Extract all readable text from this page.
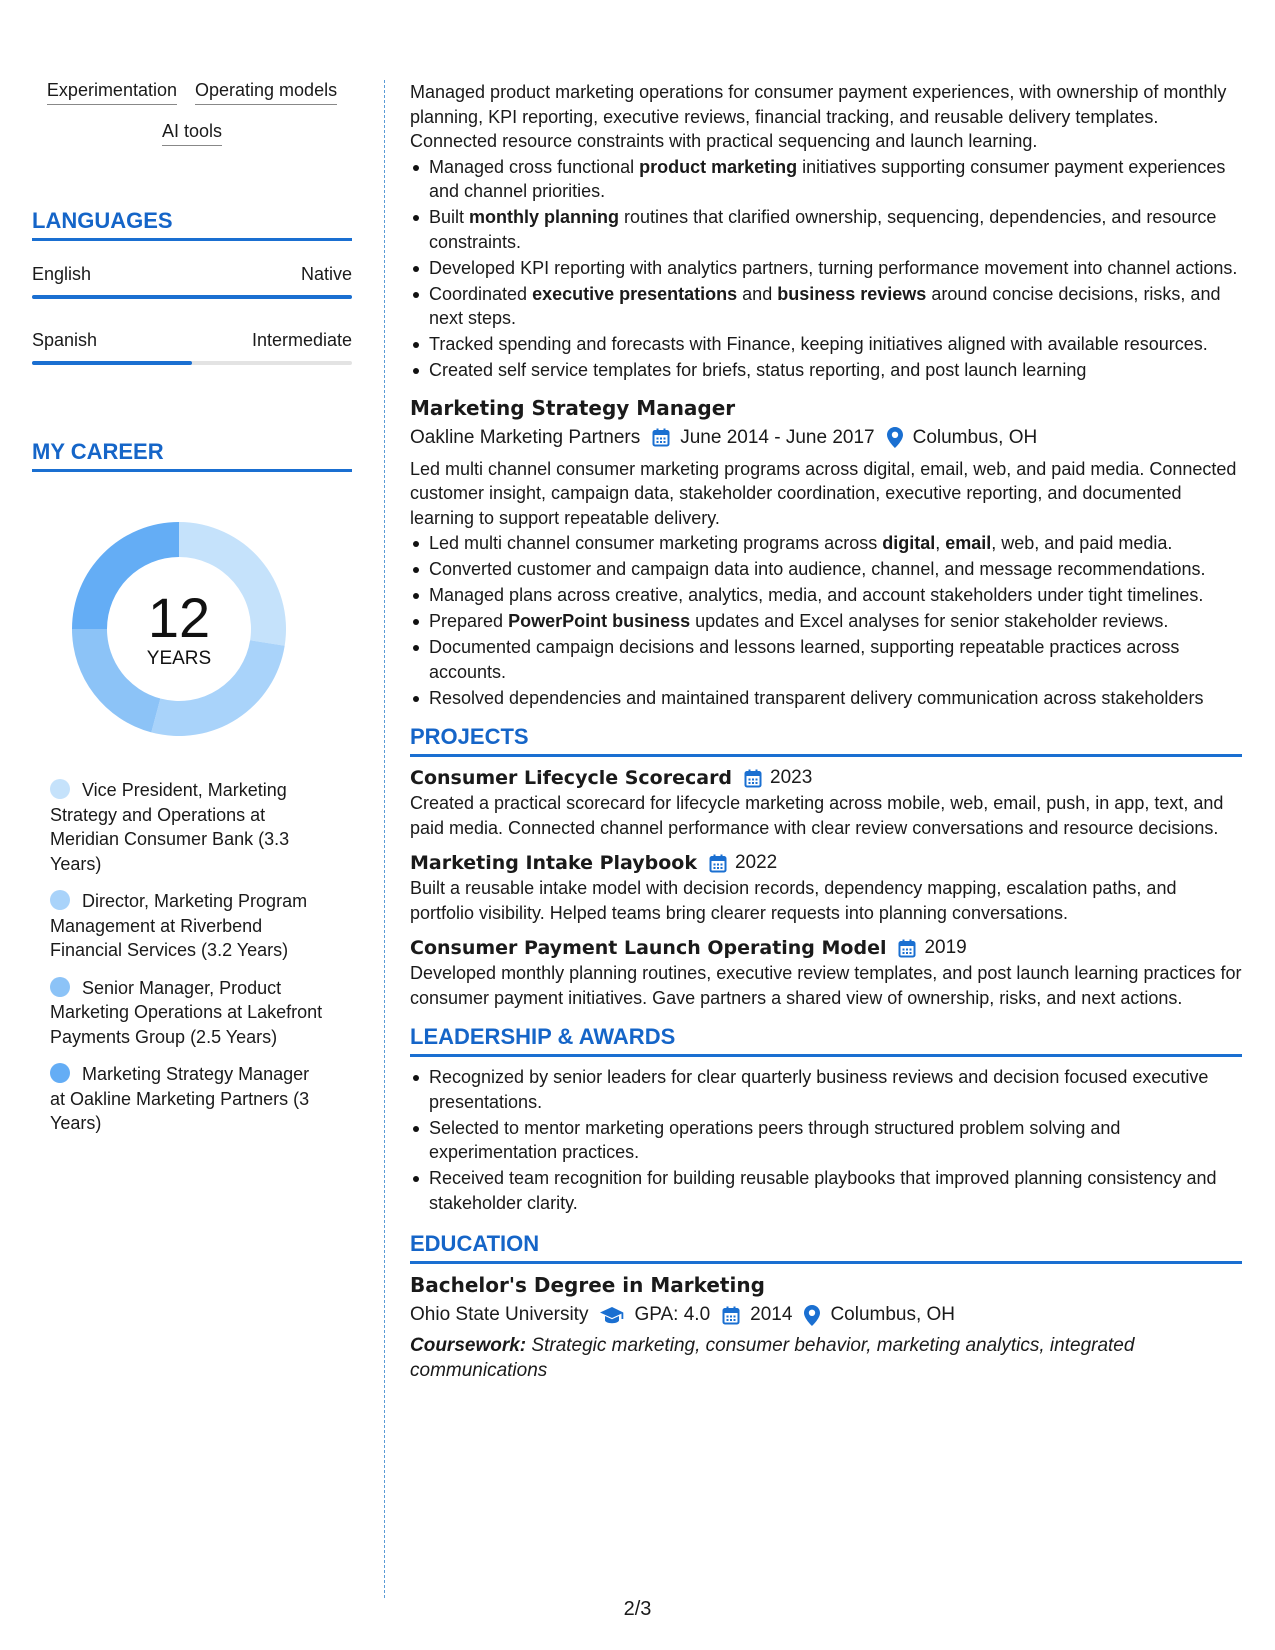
Experimentation Operating models
AI tools
LANGUAGES
English	Native
Spanish	Intermediate
MY CAREER
12
YEARS
Vice President, Marketing Strategy and Operations at Meridian Consumer Bank (3.3 Years)
Director, Marketing Program Management at Riverbend Financial Services (3.2 Years)
Senior Manager, Product Marketing Operations at Lakefront Payments Group (2.5 Years)
Marketing Strategy Manager at Oakline Marketing Partners (3 Years)

Managed product marketing operations for consumer payment experiences, with ownership of monthly planning, KPI reporting, executive reviews, financial tracking, and reusable delivery templates. Connected resource constraints with practical sequencing and launch learning.

Managed cross functional product marketing initiatives supporting consumer payment experiences and channel priorities.
Built monthly planning routines that clarified ownership, sequencing, dependencies, and resource constraints.
Developed KPI reporting with analytics partners, turning performance movement into channel actions.
Coordinated executive presentations and business reviews around concise decisions, risks, and next steps.
Tracked spending and forecasts with Finance, keeping initiatives aligned with available resources.
Created self service templates for briefs, status reporting, and post launch learning
Marketing Strategy Manager
Oakline Marketing Partners June 2014 - June 2017 Columbus, OH

Led multi channel consumer marketing programs across digital, email, web, and paid media. Connected customer insight, campaign data, stakeholder coordination, executive reporting, and documented learning to support repeatable delivery.

Led multi channel consumer marketing programs across digital, email, web, and paid media.
Converted customer and campaign data into audience, channel, and message recommendations.
Managed plans across creative, analytics, media, and account stakeholders under tight timelines.
Prepared PowerPoint business updates and Excel analyses for senior stakeholder reviews.
Documented campaign decisions and lessons learned, supporting repeatable practices across accounts.
Resolved dependencies and maintained transparent delivery communication across stakeholders
PROJECTS
Consumer Lifecycle Scorecard 2023

Created a practical scorecard for lifecycle marketing across mobile, web, email, push, in app, text, and paid media. Connected channel performance with clear review conversations and resource decisions.

Marketing Intake Playbook 2022

Built a reusable intake model with decision records, dependency mapping, escalation paths, and portfolio visibility. Helped teams bring clearer requests into planning conversations.

Consumer Payment Launch Operating Model 2019

Developed monthly planning routines, executive review templates, and post launch learning practices for consumer payment initiatives. Gave partners a shared view of ownership, risks, and next actions.

LEADERSHIP & AWARDS
Recognized by senior leaders for clear quarterly business reviews and decision focused executive presentations.
Selected to mentor marketing operations peers through structured problem solving and experimentation practices.
Received team recognition for building reusable playbooks that improved planning consistency and stakeholder clarity.
EDUCATION
Bachelor's Degree in Marketing
Ohio State University GPA: 4.0 2014 Columbus, OH

Coursework: Strategic marketing, consumer behavior, marketing analytics, integrated communications

2/3
